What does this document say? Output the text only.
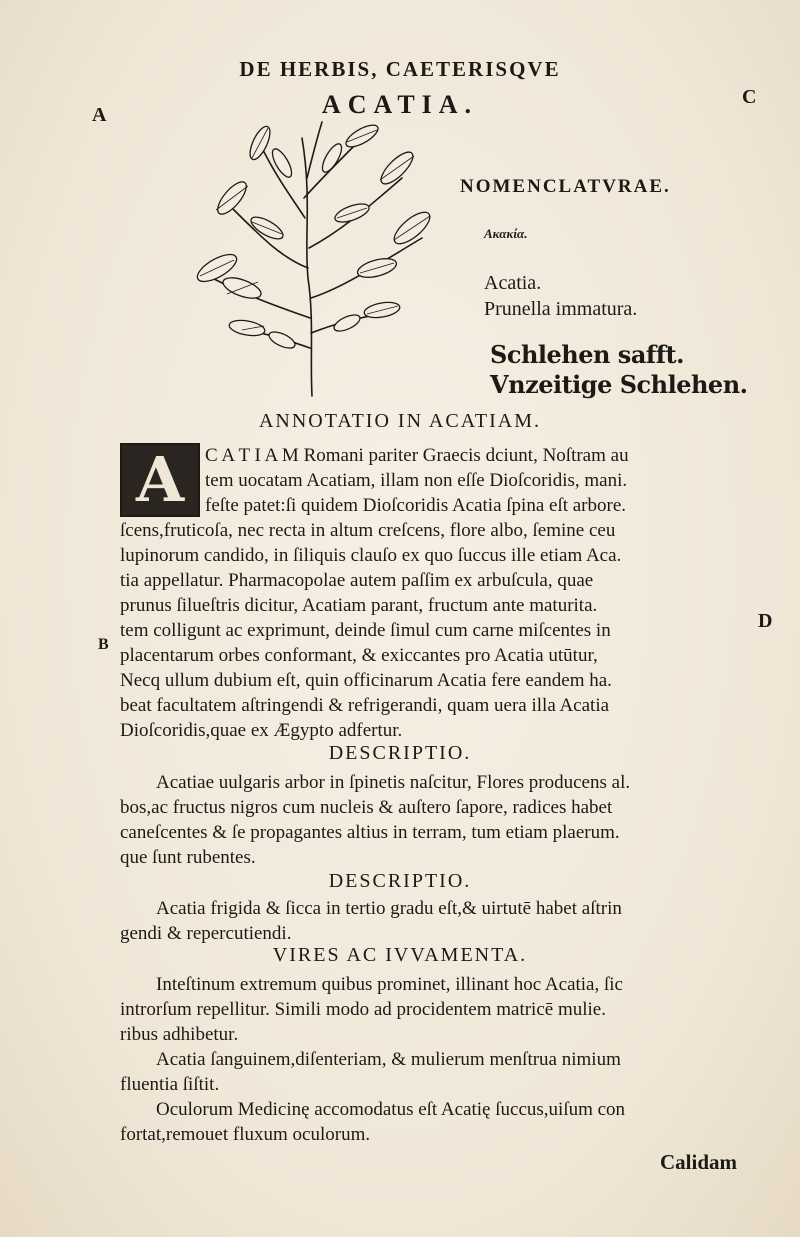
A
C
D
B
DE HERBIS, CAETERISQVE
ACATIA.
NOMENCLATVRAE.
Ακακία.
Acatia.
Prunella immatura.
Schlehen safft.
Vnzeitige Schlehen.
ANNOTATIO IN ACATIAM.
A	C A T I A M Romani pariter Graecis dciunt, Noſtram au
tem uocatam Acatiam, illam non eſſe Dioſcoridis, mani.
feſte patet:ſi quidem Dioſcoridis Acatia ſpina eſt arbore.
ſcens,fruticoſa, nec recta in altum creſcens, flore albo, ſemine ceu
lupinorum candido, in ſiliquis clauſo ex quo ſuccus ille etiam Aca.
tia appellatur. Pharmacopolae autem paſſim ex arbuſcula, quae
prunus ſilueſtris dicitur, Acatiam parant, fructum ante maturita.
tem colligunt ac exprimunt, deinde ſimul cum carne miſcentes in
placentarum orbes conformant, & exiccantes pro Acatia utūtur,
Necq ullum dubium eſt, quin officinarum Acatia fere eandem ha.
beat facultatem aſtringendi & refrigerandi, quam uera illa Acatia
Dioſcoridis,quae ex Ægypto adfertur.
DESCRIPTIO.
Acatiae uulgaris arbor in ſpinetis naſcitur, Flores producens al.
bos,ac fructus nigros cum nucleis & auſtero ſapore, radices habet
caneſcentes & ſe propagantes altius in terram, tum etiam plaerum.
que ſunt rubentes.
DESCRIPTIO.
Acatia frigida & ſicca in tertio gradu eſt,& uirtutē habet aſtrin
gendi & repercutiendi.
VIRES AC IVVAMENTA.
Inteſtinum extremum quibus prominet, illinant hoc Acatia, ſic
introrſum repellitur. Simili modo ad procidentem matricē mulie.
ribus adhibetur.
Acatia ſanguinem,diſenteriam, & mulierum menſtrua nimium
fluentia ſiſtit.
Oculorum Medicinę accomodatus eſt Acatię ſuccus,uiſum con
fortat,remouet fluxum oculorum.
Calidam
